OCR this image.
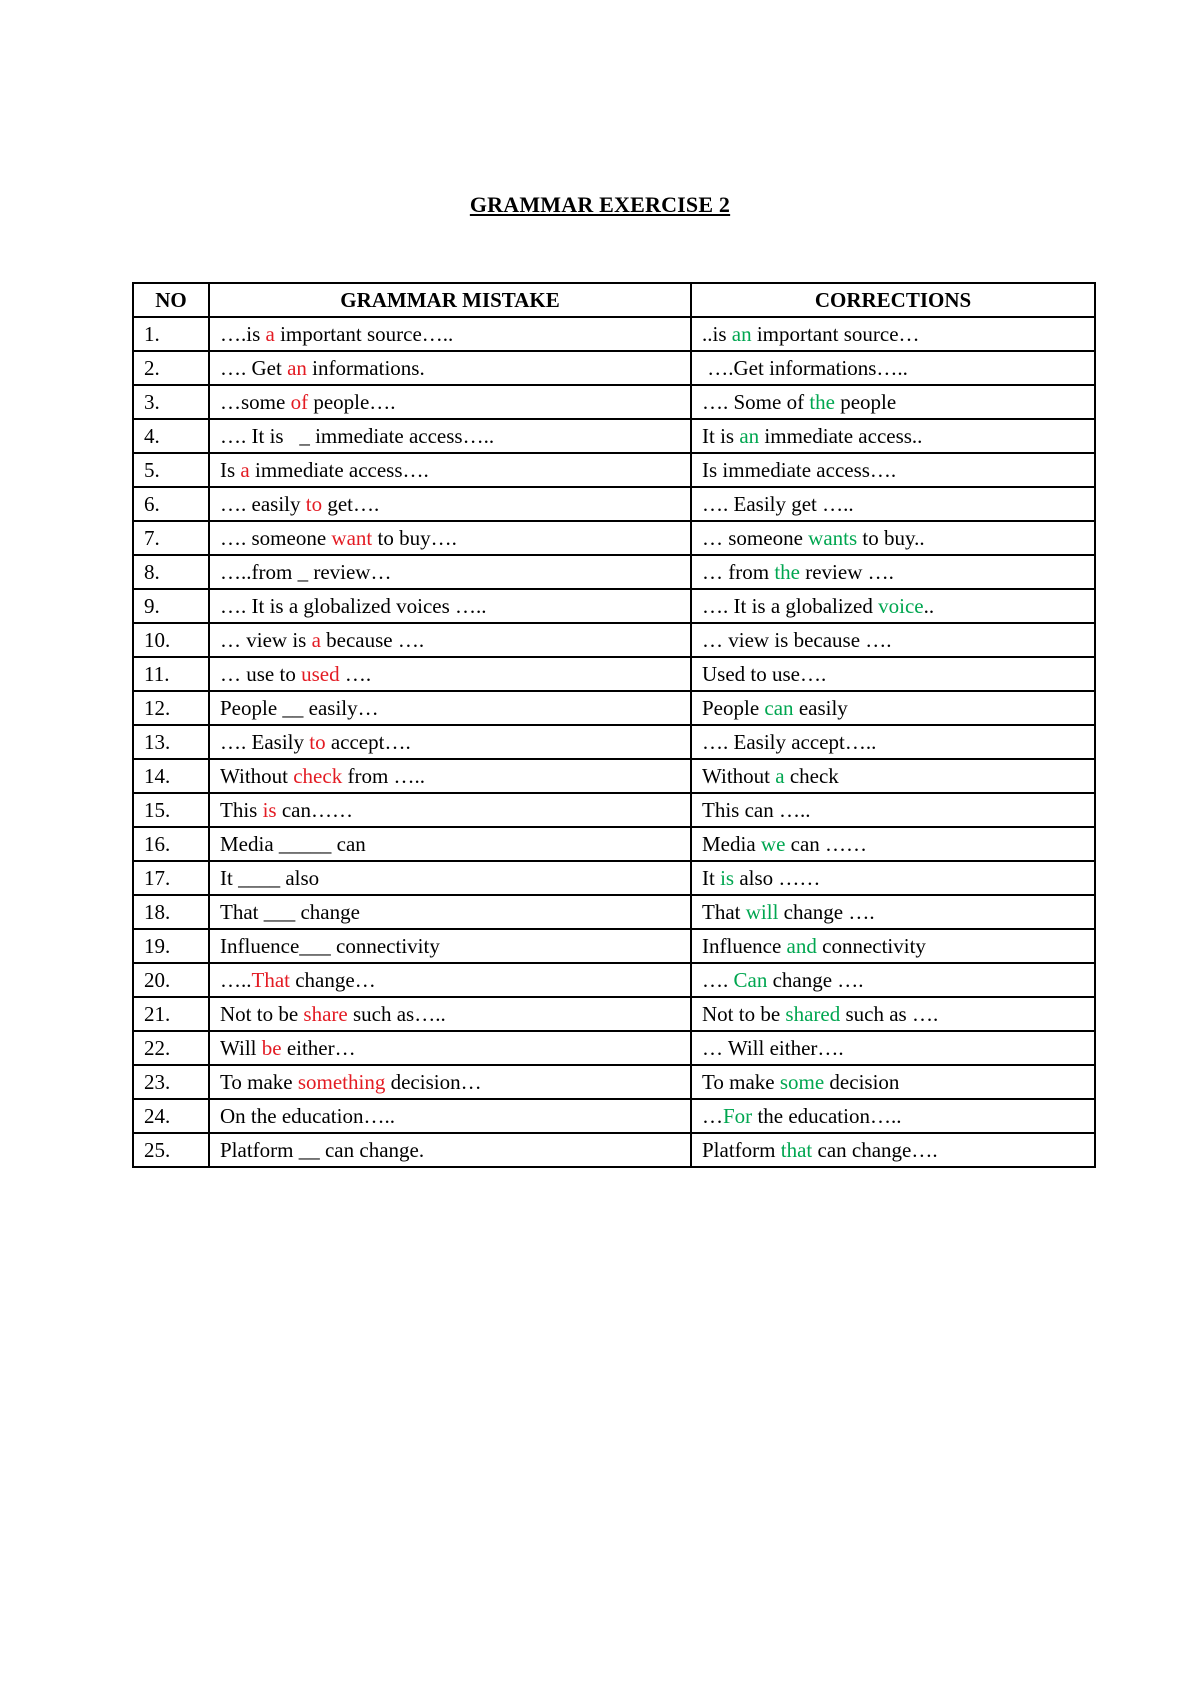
GRAMMAR EXERCISE 2
NO	GRAMMAR MISTAKE	CORRECTIONS
1.	….is a important source…..	..is an important source…
2.	…. Get an informations.	….Get informations…..
3.	…some of people….	…. Some of the people
4.	…. It is   _ immediate access…..	It is an immediate access..
5.	Is a immediate access….	Is immediate access….
6.	…. easily to get….	…. Easily get …..
7.	…. someone want to buy….	… someone wants to buy..
8.	…..from _ review…	… from the review ….
9.	…. It is a globalized voices …..	…. It is a globalized voice..
10.	… view is a because ….	… view is because ….
11.	… use to used ….	Used to use….
12.	People __ easily…	People can easily
13.	…. Easily to accept….	…. Easily accept…..
14.	Without check from …..	Without a check
15.	This is can……	This can …..
16.	Media _____ can	Media we can ……
17.	It ____ also	It is also ……
18.	That ___ change	That will change ….
19.	Influence___ connectivity	Influence and connectivity
20.	…..That change…	…. Can change ….
21.	Not to be share such as…..	Not to be shared such as ….
22.	Will be either…	… Will either….
23.	To make something decision…	To make some decision
24.	On the education…..	…For the education…..
25.	Platform __ can change.	Platform that can change….
